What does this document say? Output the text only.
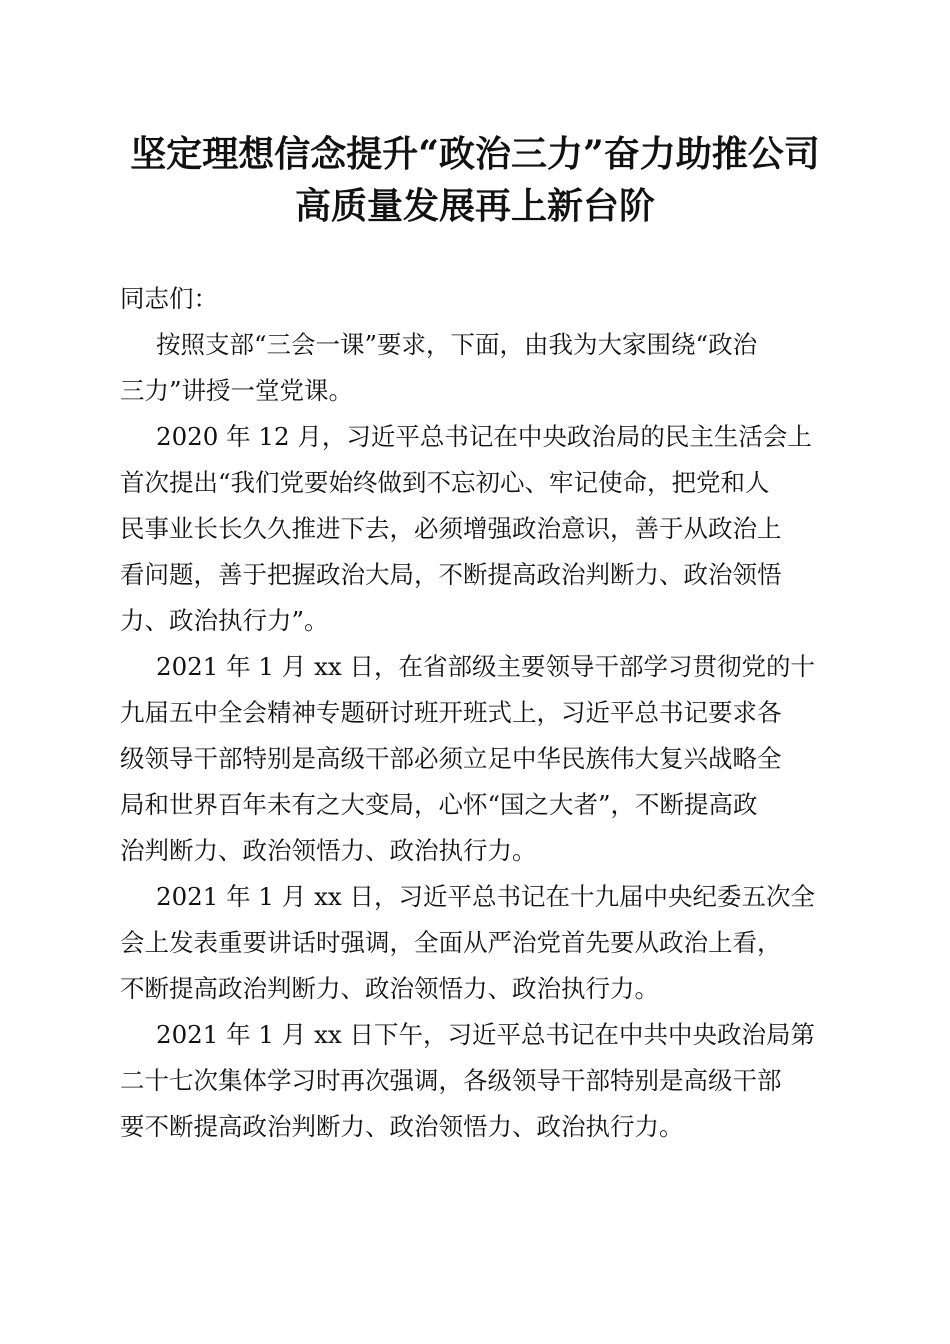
坚定理想信念提升“政治三力”奋力助推公司
高质量发展再上新台阶
同志们：
按照支部“三会一课”要求，下面，由我为大家围绕“政治
三力”讲授一堂党课。
2020 年 12 月，习近平总书记在中央政治局的民主生活会上
首次提出“我们党要始终做到不忘初心、牢记使命，把党和人
民事业长长久久推进下去，必须增强政治意识，善于从政治上
看问题，善于把握政治大局，不断提高政治判断力、政治领悟
力、政治执行力”。
2021 年 1 月 xx 日，在省部级主要领导干部学习贯彻党的十
九届五中全会精神专题研讨班开班式上，习近平总书记要求各
级领导干部特别是高级干部必须立足中华民族伟大复兴战略全
局和世界百年未有之大变局，心怀“国之大者”，不断提高政
治判断力、政治领悟力、政治执行力。
2021 年 1 月 xx 日，习近平总书记在十九届中央纪委五次全
会上发表重要讲话时强调，全面从严治党首先要从政治上看，
不断提高政治判断力、政治领悟力、政治执行力。
2021 年 1 月 xx 日下午，习近平总书记在中共中央政治局第
二十七次集体学习时再次强调，各级领导干部特别是高级干部
要不断提高政治判断力、政治领悟力、政治执行力。
